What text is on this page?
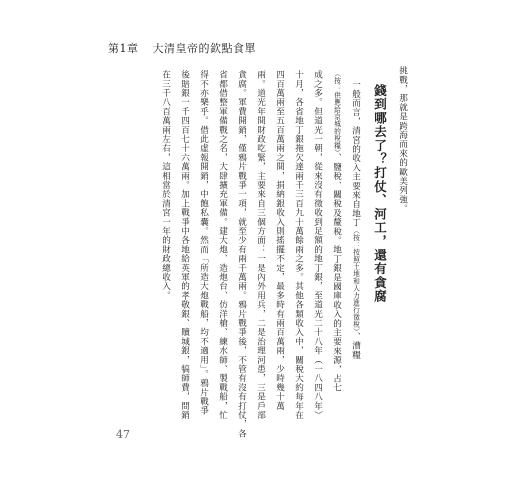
第1章 大清皇帝的欽點食單
挑戰，那就是跨海而來的歐美列強。
錢到哪去了？打仗、河工，還有貪腐
一般而言，清宮的收入主要來自地丁（按：按照土地和人力進行徵稅）、漕糧
（按：供應給京城的稅糧）、鹽稅、關稅及釐稅。地丁銀是國庫收入的主要來源，占七
成之多。但道光一朝，從來沒有徵收到足額的地丁銀，至道光二十八年（一八四八年）
十月，各省地丁銀拖欠達兩千三百九十萬餘兩之多。其他各類收入中，關稅大約每年在
四百萬兩至五百萬兩之間，捐納銀收入則搖擺不定，最多時有兩百萬兩，少時幾十萬
兩。道光年間財政吃緊，主要來自三個方面：一是內外用兵，二是治理河患，三是戶部
貪腐。軍費開銷，僅鴉片戰爭一項，就至少有兩千萬兩。鴉片戰爭後，不管有沒有打仗，各
省都借整軍備戰之名，大肆擴充軍備。建大炮、造炮台、仿洋槍、練水師、製戰船，忙
得不亦樂乎。借此虛報開銷，中飽私囊。然而「所造大炮戰船，均不適用」。鴉片戰爭
後賠銀一千四百七十六萬兩。加上戰爭中各地給英軍的孝敬銀、贖城銀，犒師費，問銷
在三千八百萬兩左右，這相當於清宮一年的財政總收入。
47
